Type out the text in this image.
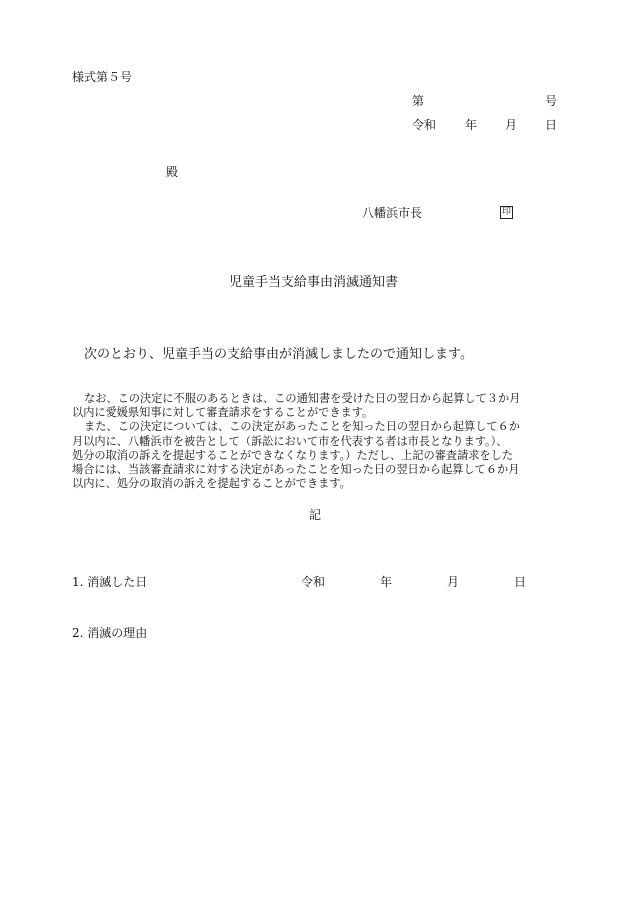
様式第５号
第	号
令和 年 月 日
殿
八幡浜市長	印
児童手当支給事由消滅通知書
次のとおり、児童手当の支給事由が消滅しましたので通知します。

なお、この決定に不服のあるときは、この通知書を受けた日の翌日から起算して３か月

以内に愛媛県知事に対して審査請求をすることができます。

また、この決定については、この決定があったことを知った日の翌日から起算して６か

月以内に、八幡浜市を被告として（訴訟において市を代表する者は市長となります。）、

処分の取消の訴えを提起することができなくなります。）ただし、上記の審査請求をした

場合には、当該審査請求に対する決定があったことを知った日の翌日から起算して６か月

以内に、処分の取消の訴えを提起することができます。

記
1. 消滅した日	令和	年	月	日
2. 消滅の理由
